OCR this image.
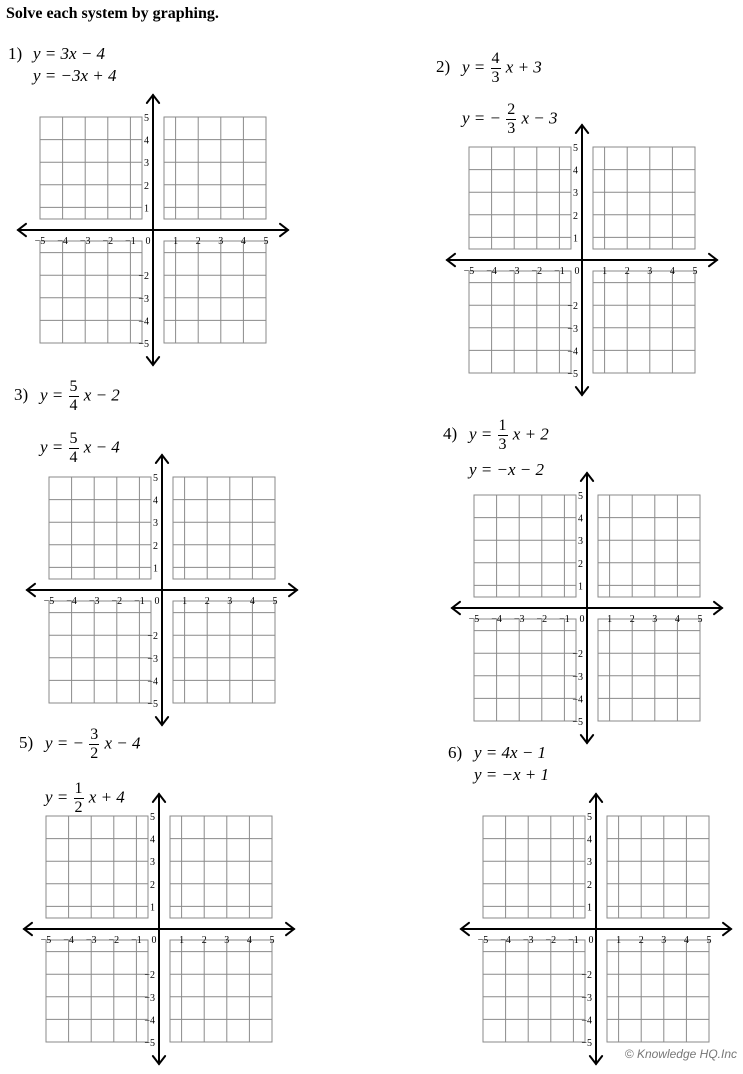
Solve each system by graphing.
1) y = 3x − 4
y = −3x + 4
−5 −4 −3 −2 −1 0 1 2 3 4 5
1
2
3
4
5
−2
−3
−4
−5
2) $y = \frac{4}{3}$ x + 3
y = − $\frac{2}{3}$ x − 3
−5 −4 −3 −2 −1 0 1 2 3 4 5
1
2
3
4
5
−2
−3
−4
−5
3) $y = \frac{5}{4}$ x − 2
$y = \frac{5}{4}$ x − 4
−5 −4 −3 −2 −1 0 1 2 3 4 5
1
2
3
4
5
−2
−3
−4
−5
4) $y = \frac{1}{3}$ x + 2
y = −x − 2
−5 −4 −3 −2 −1 0 1 2 3 4 5
1
2
3
4
5
−2
−3
−4
−5
5) y = − $\frac{3}{2}$ x − 4
$y = \frac{1}{2}$ x + 4
−5 −4 −3 −2 −1 0 1 2 3 4 5
1
2
3
4
5
−2
−3
−4
−5
6) y = 4x − 1
y = −x + 1
−5 −4 −3 −2 −1 0 1 2 3 4 5
1
2
3
4
5
−2
−3
−4
−5
© Knowledge HQ.Inc
